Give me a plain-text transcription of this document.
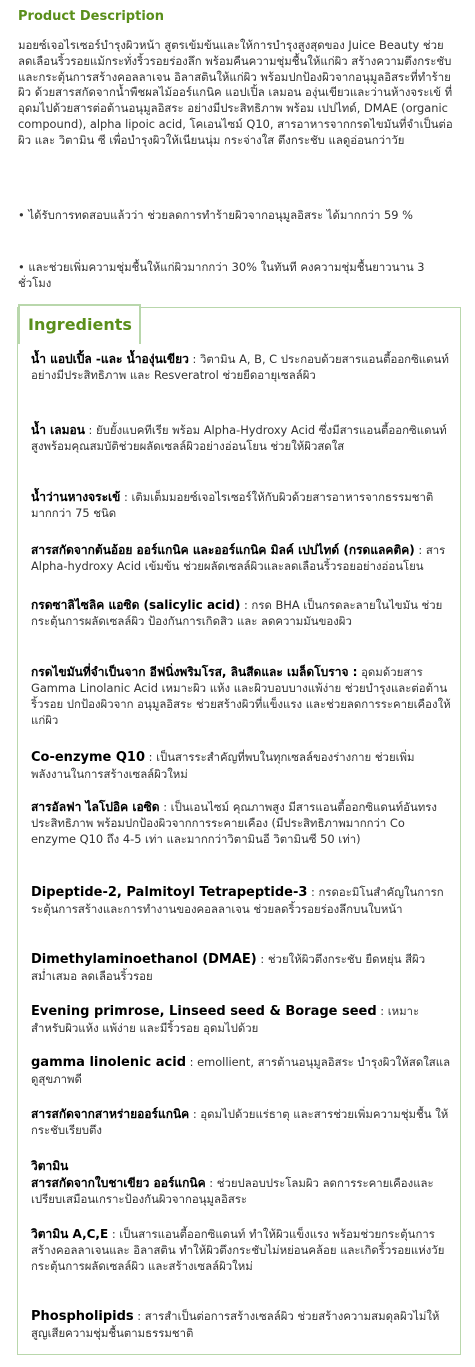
Product Description

มอยซ์เจอไรเซอร์บำรุงผิวหน้า สูตรเข้มข้นและให้การบำรุงสูงสุดของ Juice Beauty ช่วยลดเลือนริ้วรอยแม้กระทั่งริ้วรอยร่องลึก พร้อมคืนความชุ่มชื้นให้แก่ผิว สร้างความตึงกระชับ และกระตุ้นการสร้างคอลลาเจน อิลาสตินให้แก่ผิว พร้อมปกป้องผิวจากอนุมูลอิสระที่ทำร้ายผิว ด้วยสารสกัดจากน้ำพืชผลไม้ออร์แกนิค แอปเปิ้ล เลมอน องุ่นเขียวและว่านห้างจระเข้ ที่อุดมไปด้วยสารต่อต้านอนุมูลอิสระ อย่างมีประสิทธิภาพ พร้อม เปปไทด์, DMAE (organic compound), alpha lipoic acid, โคเอนไซม์ Q10, สารอาหารจากกรดไขมันที่จำเป็นต่อผิว และ วิตามิน ซี เพื่อบำรุงผิวให้เนียนนุ่ม กระจ่างใส ตึงกระชับ แลดูอ่อนกว่าวัย

• ได้รับการทดสอบแล้วว่า ช่วยลดการทำร้ายผิวจากอนุมูลอิสระ ได้มากกว่า 59 %

• และช่วยเพิ่มความชุ่มชื้นให้แก่ผิวมากกว่า 30% ในทันที คงความชุ่มชื้นยาวนาน 3 ชั่วโมง

Ingredients

น้ำ แอปเปิ้ล -และ น้ำองุ่นเขียว : วิตามิน A, B, C ประกอบด้วยสารแอนตี้ออกซิแดนท์ อย่างมีประสิทธิภาพ และ Resveratrol ช่วยยืดอายุเซลล์ผิว

น้ำ เลมอน : ยับยั้งแบคทีเรีย พร้อม Alpha-Hydroxy Acid ซึ่งมีสารแอนตี้ออกซิแดนท์สูงพร้อมคุณสมบัติช่วยผลัดเซลล์ผิวอย่างอ่อนโยน ช่วยให้ผิวสดใส

น้ำว่านหางจระเข้ : เติมเต็มมอยซ์เจอไรเซอร์ให้กับผิวด้วยสารอาหารจากธรรมชาติมากกว่า 75 ชนิด

สารสกัดจากต้นอ้อย ออร์แกนิค และออร์แกนิค มิลค์ เปปไทด์ (กรดแลคติค) : สาร Alpha-hydroxy Acid เข้มข้น ช่วยผลัดเซลล์ผิวและลดเลือนริ้วรอยอย่างอ่อนโยน

กรดซาลิไซลิค แอซิด (salicylic acid) : กรด BHA เป็นกรดละลายในไขมัน ช่วยกระตุ้นการผลัดเซลล์ผิว ป้องกันการเกิดสิว และ ลดความมันของผิว

กรดไขมันที่จำเป็นจาก อีฟนิ่งพริมโรส, ลินสีดและ เมล็ดโบราจ : อุดมด้วยสาร Gamma Linolanic Acid เหมาะผิว แห้ง และผิวบอบบางแพ้ง่าย ช่วยบำรุงและต่อต้านริ้วรอย ปกป้องผิวจาก อนุมูลอิสระ ช่วยสร้างผิวที่แข็งแรง และช่วยลดการระคายเคืองให้แก่ผิว

Co-enzyme Q10 : เป็นสารระสำคัญที่พบในทุกเซลล์ของร่างกาย ช่วยเพิ่มพลังงานในการสร้างเซลล์ผิวใหม่

สารอัลฟา ไลโปอิค เอซิด : เป็นเอนไซม์ คุณภาพสูง มีสารแอนตี้ออกซิแดนท์อันทรงประสิทธิภาพ พร้อมปกป้องผิวจากการระคายเคือง (มีประสิทธิภาพมากกว่า Co enzyme Q10 ถึง 4-5 เท่า และมากกว่าวิตามินอี วิตามินซี 50 เท่า)

Dipeptide-2, Palmitoyl Tetrapeptide-3 : กรดอะมิโนสำคัญในการกระตุ้นการสร้างและการทำงานของคอลลาเจน ช่วยลดริ้วรอยร่องลึกบนใบหน้า

Dimethylaminoethanol (DMAE) : ช่วยให้ผิวตึงกระชับ ยืดหยุ่น สีผิวสม่ำเสมอ ลดเลือนริ้วรอย

Evening primrose, Linseed seed & Borage seed : เหมาะสำหรับผิวแห้ง แพ้ง่าย และมีริ้วรอย อุดมไปด้วย

gamma linolenic acid : emollient, สารต้านอนุมูลอิสระ บำรุงผิวให้สดใสแลดูสุขภาพดี

สารสกัดจากสาหร่ายออร์แกนิค : อุดมไปด้วยแร่ธาตุ และสารช่วยเพิ่มความชุ่มชื้น ให้กระชับเรียบตึง

วิตามิน

สารสกัดจากใบชาเขียว ออร์แกนิค : ช่วยปลอบประโลมผิว ลดการระคายเคืองและเปรียบเสมือนเกราะป้องกันผิวจากอนุมูลอิสระ

วิตามิน A,C,E : เป็นสารแอนตี้ออกซิแดนท์ ทำให้ผิวแข็งแรง พร้อมช่วยกระตุ้นการสร้างคอลลาเจนและ อิลาสติน ทำให้ผิวตึงกระชับไม่หย่อนคล้อย และเกิดริ้วรอยแห่งวัย กระตุ้นการผลัดเซลล์ผิว และสร้างเซลล์ผิวใหม่

Phospholipids : สารสำเป็นต่อการสร้างเซลล์ผิว ช่วยสร้างความสมดุลผิวไม่ให้สูญเสียความชุ่มชื้นตามธรรมชาติ
